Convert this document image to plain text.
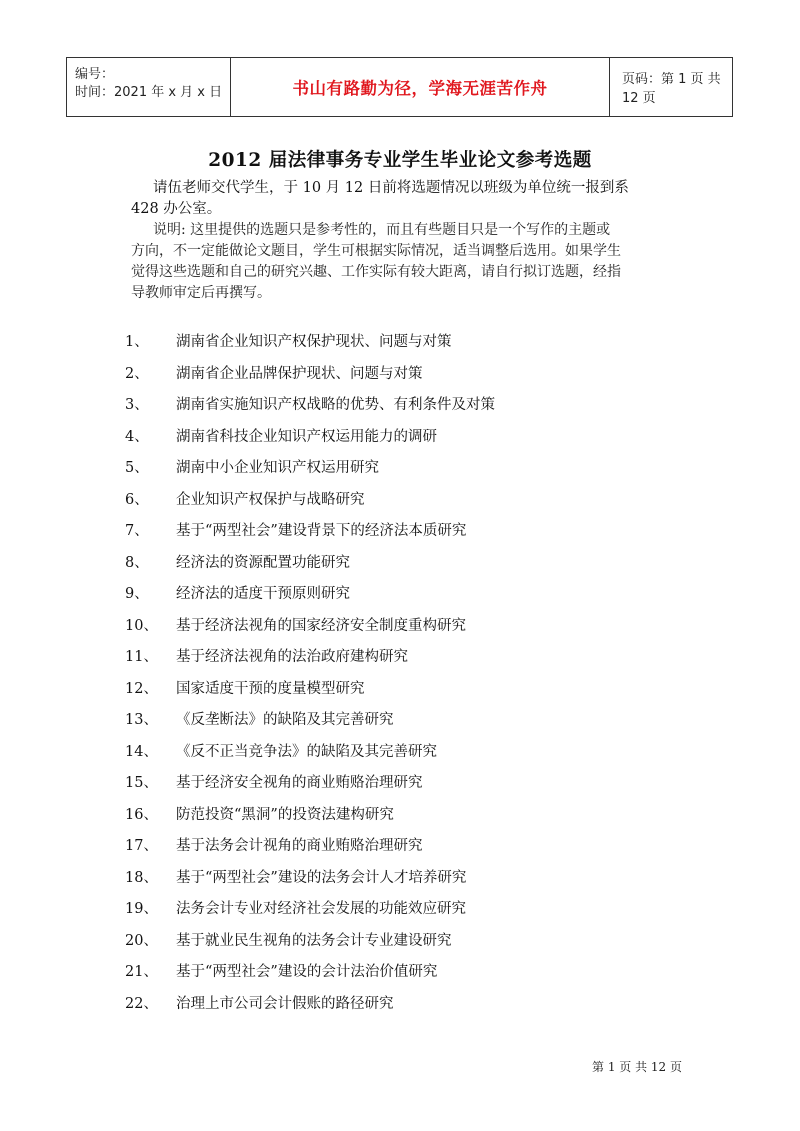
编号：
时间：2021 年 x 月 x 日	书山有路勤为径，学海无涯苦作舟	页码：第 1 页 共 12 页
2012 届法律事务专业学生毕业论文参考选题
请伍老师交代学生，于 10 月 12 日前将选题情况以班级为单位统一报到系
428 办公室。
说明: 这里提供的选题只是参考性的，而且有些题目只是一个写作的主题或
方向，不一定能做论文题目，学生可根据实际情况，适当调整后选用。如果学生
觉得这些选题和自己的研究兴趣、工作实际有较大距离，请自行拟订选题，经指
导教师审定后再撰写。
1、 湖南省企业知识产权保护现状、问题与对策
2、 湖南省企业品牌保护现状、问题与对策
3、 湖南省实施知识产权战略的优势、有利条件及对策
4、 湖南省科技企业知识产权运用能力的调研
5、 湖南中小企业知识产权运用研究
6、 企业知识产权保护与战略研究
7、 基于“两型社会”建设背景下的经济法本质研究
8、 经济法的资源配置功能研究
9、 经济法的适度干预原则研究
10、 基于经济法视角的国家经济安全制度重构研究
11、 基于经济法视角的法治政府建构研究
12、 国家适度干预的度量模型研究
13、 《反垄断法》的缺陷及其完善研究
14、 《反不正当竞争法》的缺陷及其完善研究
15、 基于经济安全视角的商业贿赂治理研究
16、 防范投资“黑洞”的投资法建构研究
17、 基于法务会计视角的商业贿赂治理研究
18、 基于“两型社会”建设的法务会计人才培养研究
19、 法务会计专业对经济社会发展的功能效应研究
20、 基于就业民生视角的法务会计专业建设研究
21、 基于“两型社会”建设的会计法治价值研究
22、 治理上市公司会计假账的路径研究
第 1 页 共 12 页
